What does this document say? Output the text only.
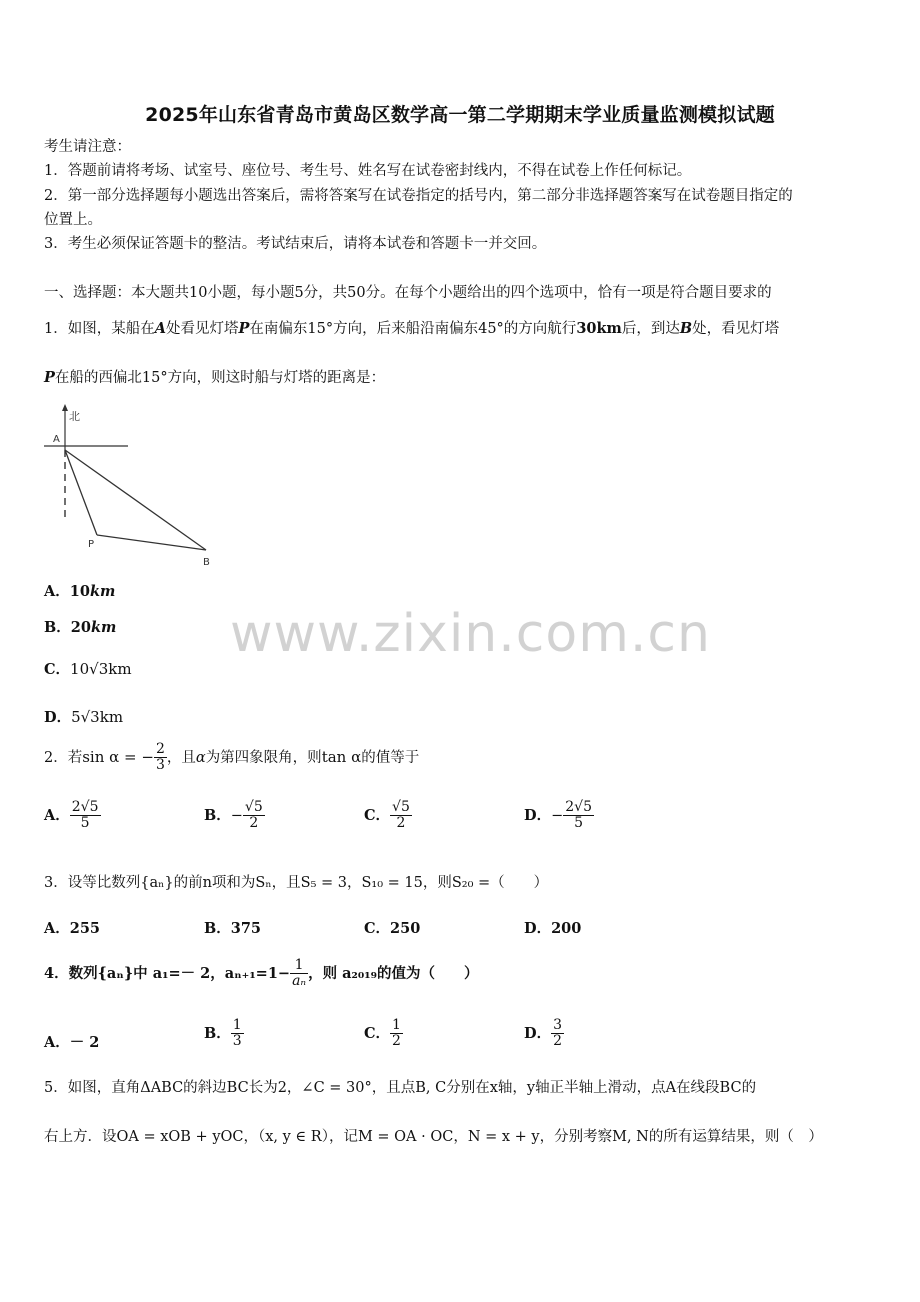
2025年山东省青岛市黄岛区数学高一第二学期期末学业质量监测模拟试题
考生请注意：
1．答题前请将考场、试室号、座位号、考生号、姓名写在试卷密封线内，不得在试卷上作任何标记。
2．第一部分选择题每小题选出答案后，需将答案写在试卷指定的括号内，第二部分非选择题答案写在试卷题目指定的
位置上。
3．考生必须保证答题卡的整洁。考试结束后，请将本试卷和答题卡一并交回。
一、选择题：本大题共10小题，每小题5分，共50分。在每个小题给出的四个选项中，恰有一项是符合题目要求的
1．如图，某船在A处看见灯塔P在南偏东15°方向，后来船沿南偏东45°的方向航行30km后，到达B处，看见灯塔
P在船的西偏北15°方向，则这时船与灯塔的距离是：
北
A
P
B
A．10km
B．20km
C．10√3km
D．5√3km
www.zixin.com.cn
2．若sin α = − $\frac{2}{3}$ ，且α为第四象限角，则tan α的值等于
A． $\frac{2√5}{5}$	B．− $\frac{√5}{2}$	C． $\frac{√5}{2}$	D．− $\frac{2√5}{5}$
3．设等比数列{aₙ}的前n项和为Sₙ，且S₅ = 3，S₁₀ = 15，则S₂₀ =（　　）
A．255	B．375	C．250	D．200
4．数列{aₙ}中 a₁=－ 2，$a_{n+1}=1- \frac{1}{\text{aₙ}}$ ，则 a₂₀₁₉的值为（　　）
A．－ 2
B． $\frac{1}{3}$	C． $\frac{1}{2}$	D． $\frac{3}{2}$
5．如图，直角ΔABC的斜边BC长为2，∠C = 30°，且点B, C分别在x轴，y轴正半轴上滑动，点A在线段BC的
右上方．设OA = xOB + yOC，（x, y ∈ R），记M = OA · OC，N = x + y，分别考察M, N的所有运算结果，则（　）
